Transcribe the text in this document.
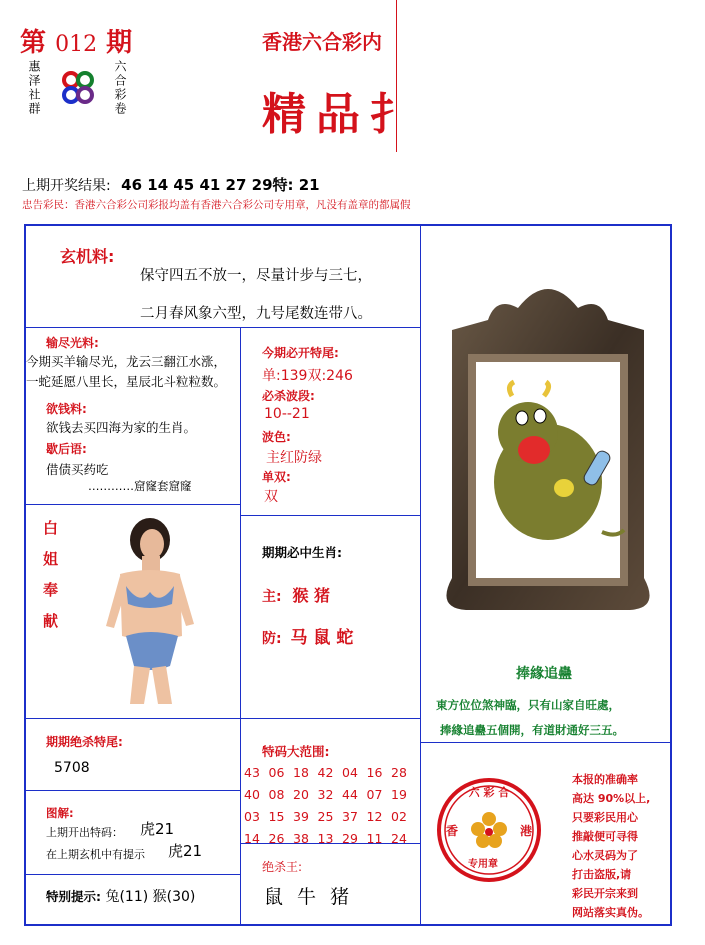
第 012 期
惠泽社群	六合彩卷
香港六合彩内
精品扌
上期开奖结果: 46 14 45 41 27 29特: 21
忠告彩民：香港六合彩公司彩报均盖有香港六合彩公司专用章，凡没有盖章的都属假
玄机料:
保守四五不放一，尽量计步与三七，
二月春风象六型，九号尾数连带八。
输尽光料:
今期买羊输尽光，龙云三翻江水涨，
一蛇延愿八里长，星辰北斗粒粒数。
欲钱料:
欲钱去买四海为家的生肖。
歇后语:
借债买药吃
…………窟窿套窟窿
今期必开特尾:
单:139双:246
必杀波段:
10--21
波色:
主红防绿
单双:
双
白姐奉献	期期必中生肖:
主: 猴 猪
防: 马 鼠 蛇
捧緣追蠱
東方位位煞神臨，只有山家自旺處，
捧緣追蠱五個開，有道財通好三五。
期期绝杀特尾:
5708
图解:
上期开出特码： 虎21
在上期玄机中有提示 虎21
特别提示: 兔(11) 猴(30)
特码大范围:
43 06 18 42 04 16 28
40 08 20 32 44 07 19
03 15 39 25 37 12 02
14 26 38 13 29 11 24
绝杀王:
鼠 牛 猪
六 彩 合
香	港
专用章
本报的准确率
高达 90%以上,
只要彩民用心
推敲便可寻得
心水灵码为了
打击盗版,请
彩民开宗来到
网站落实真伪。
